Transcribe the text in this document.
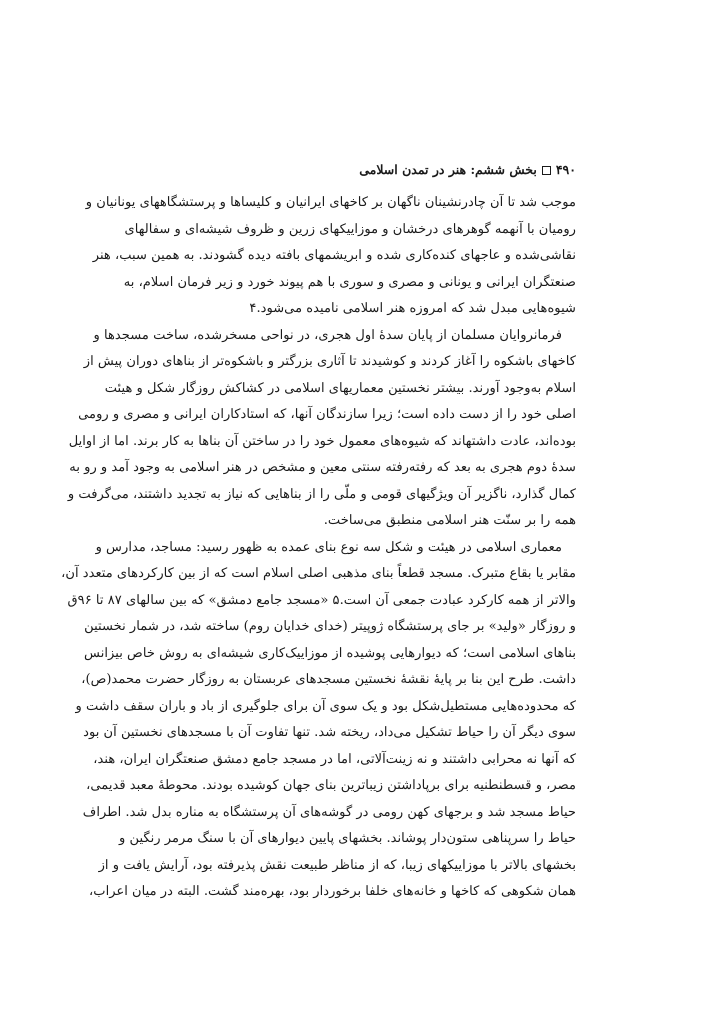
۴۹۰بخش ششم: هنر در تمدن اسلامی
موجب شد تا آن چادرنشینان ناگهان بر کاخهای ایرانیان و کلیساها و پرستشگاههای یونانیان و
رومیان با آنهمه گوهرهای درخشان و موزاییکهای زرین و ظروف شیشه‌ای و سفالهای
نقاشی‌شده و عاجهای کنده‌کاری شده و ابریشمهای بافته دیده گشودند. به همین سبب، هنر
صنعتگران ایرانی و یونانی و مصری و سوری با هم پیوند خورد و زیر فرمان اسلام، به
شیوه‌هایی مبدل شد که امروزه هنر اسلامی نامیده می‌شود.۴
فرمانروایان مسلمان از پایان سدهٔ اول هجری، در نواحی مسخرشده، ساخت مسجدها و
کاخهای باشکوه را آغاز کردند و کوشیدند تا آثاری بزرگتر و باشکوه‌تر از بناهای دوران پیش از
اسلام به‌وجود آورند. بیشتر نخستین معماریهای اسلامی در کشاکش روزگار شکل و هیئت
اصلی خود را از دست داده است؛ زیرا سازندگان آنها، که استادکاران ایرانی و مصری و رومی
بوده‌اند، عادت داشتهاند که شیوه‌های معمول خود را در ساختن آن بناها به کار برند. اما از اوایل
سدهٔ دوم هجری به بعد که رفته‌رفته سنتی معین و مشخص در هنر اسلامی به وجود آمد و رو به
کمال گذارد، ناگزیر آن ویژگیهای قومی و ملّی را از بناهایی که نیاز به تجدید داشتند، می‌گرفت و
همه را بر سنّت هنر اسلامی منطبق می‌ساخت.
معماری اسلامی در هیئت و شکل سه نوع بنای عمده به ظهور رسید: مساجد، مدارس و
مقابر یا بقاع متبرک. مسجد قطعاً بنای مذهبی اصلی اسلام است که از بین کارکردهای متعدد آن،
والاتر از همه کارکرد عبادت جمعی آن است.۵ «مسجد جامع دمشق» که بین سالهای ۸۷ تا ۹۶ق
و روزگار «ولید» بر جای پرستشگاه ژوپیتر (خدای خدایان روم) ساخته شد، در شمار نخستین
بناهای اسلامی است؛ که دیوارهایی پوشیده از موزاییک‌کاری شیشه‌ای به روش خاص بیزانس
داشت. طرح این بنا بر پایهٔ نقشهٔ نخستین مسجدهای عربستان به روزگار حضرت محمد(ص)،
که محدوده‌هایی مستطیل‌شکل بود و یک سوی آن برای جلوگیری از باد و باران سقف داشت و
سوی دیگر آن را حیاط تشکیل می‌داد، ریخته شد. تنها تفاوت آن با مسجدهای نخستین آن بود
که آنها نه محرابی داشتند و نه زینت‌آلاتی، اما در مسجد جامع دمشق صنعتگران ایران، هند،
مصر، و قسطنطنیه برای برپاداشتن زیباترین بنای جهان کوشیده بودند. محوطهٔ معبد قدیمی،
حیاط مسجد شد و برجهای کهن رومی در گوشه‌های آن پرستشگاه به مناره بدل شد. اطراف
حیاط را سرپناهی ستون‌دار پوشاند. بخشهای پایین دیوارهای آن با سنگ مرمر رنگین و
بخشهای بالاتر با موزاییکهای زیبا، که از مناظر طبیعت نقش پذیرفته بود، آرایش یافت و از
همان شکوهی که کاخها و خانه‌های خلفا برخوردار بود، بهره‌مند گشت. البته در میان اعراب،
